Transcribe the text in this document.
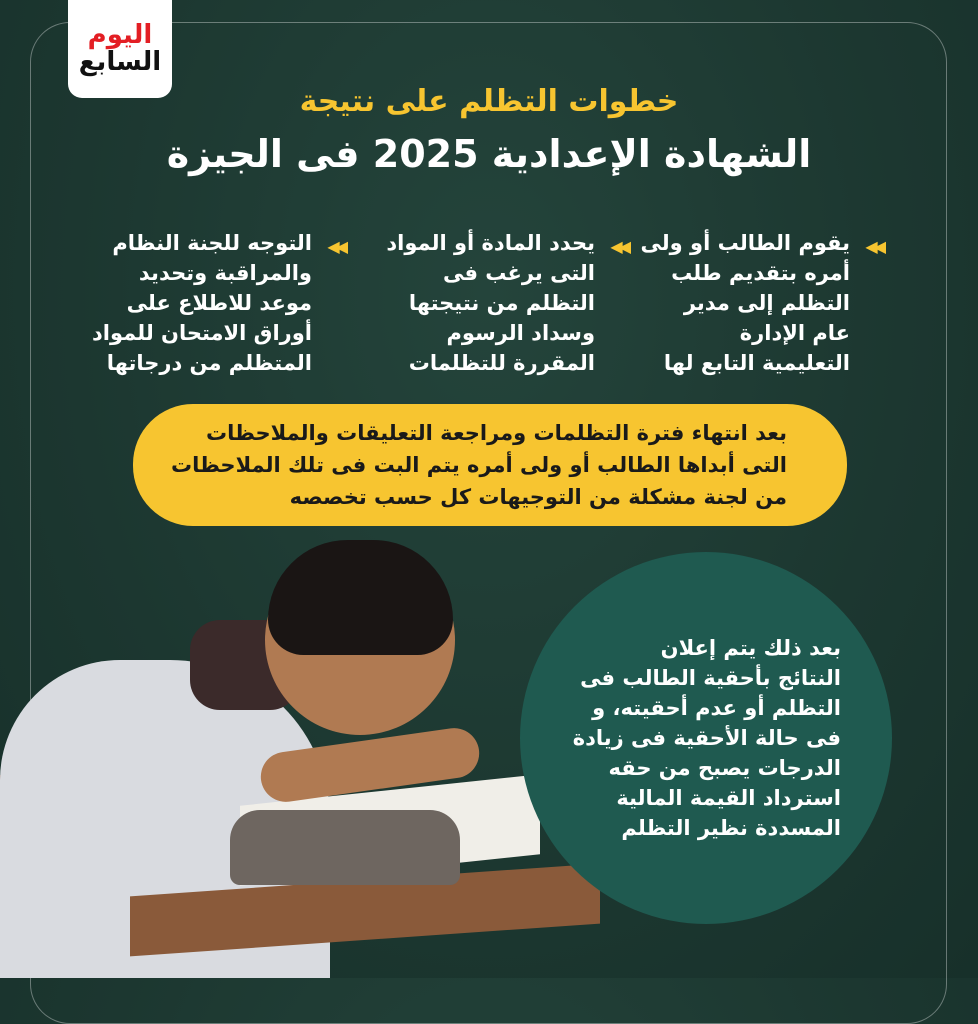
اليوم
السابع
خطوات التظلم على نتيجة
الشهادة الإعدادية 2025 فى الجيزة
◀◀
يقوم الطالب أو ولى
أمره بتقديم طلب
التظلم إلى مدير
عام الإدارة
التعليمية التابع لها
◀◀
يحدد المادة أو المواد
التى يرغب فى
التظلم من نتيجتها
وسداد الرسوم
المقررة للتظلمات
◀◀
التوجه للجنة النظام
والمراقبة وتحديد
موعد للاطلاع على
أوراق الامتحان للمواد
المتظلم من درجاتها
بعد انتهاء فترة التظلمات ومراجعة التعليقات والملاحظات
التى أبداها الطالب أو ولى أمره يتم البت فى تلك الملاحظات
من لجنة مشكلة من التوجيهات كل حسب تخصصه
بعد ذلك يتم إعلان
النتائج بأحقية الطالب فى
التظلم أو عدم أحقيته، و
فى حالة الأحقية فى زيادة
الدرجات يصبح من حقه
استرداد القيمة المالية
المسددة نظير التظلم
